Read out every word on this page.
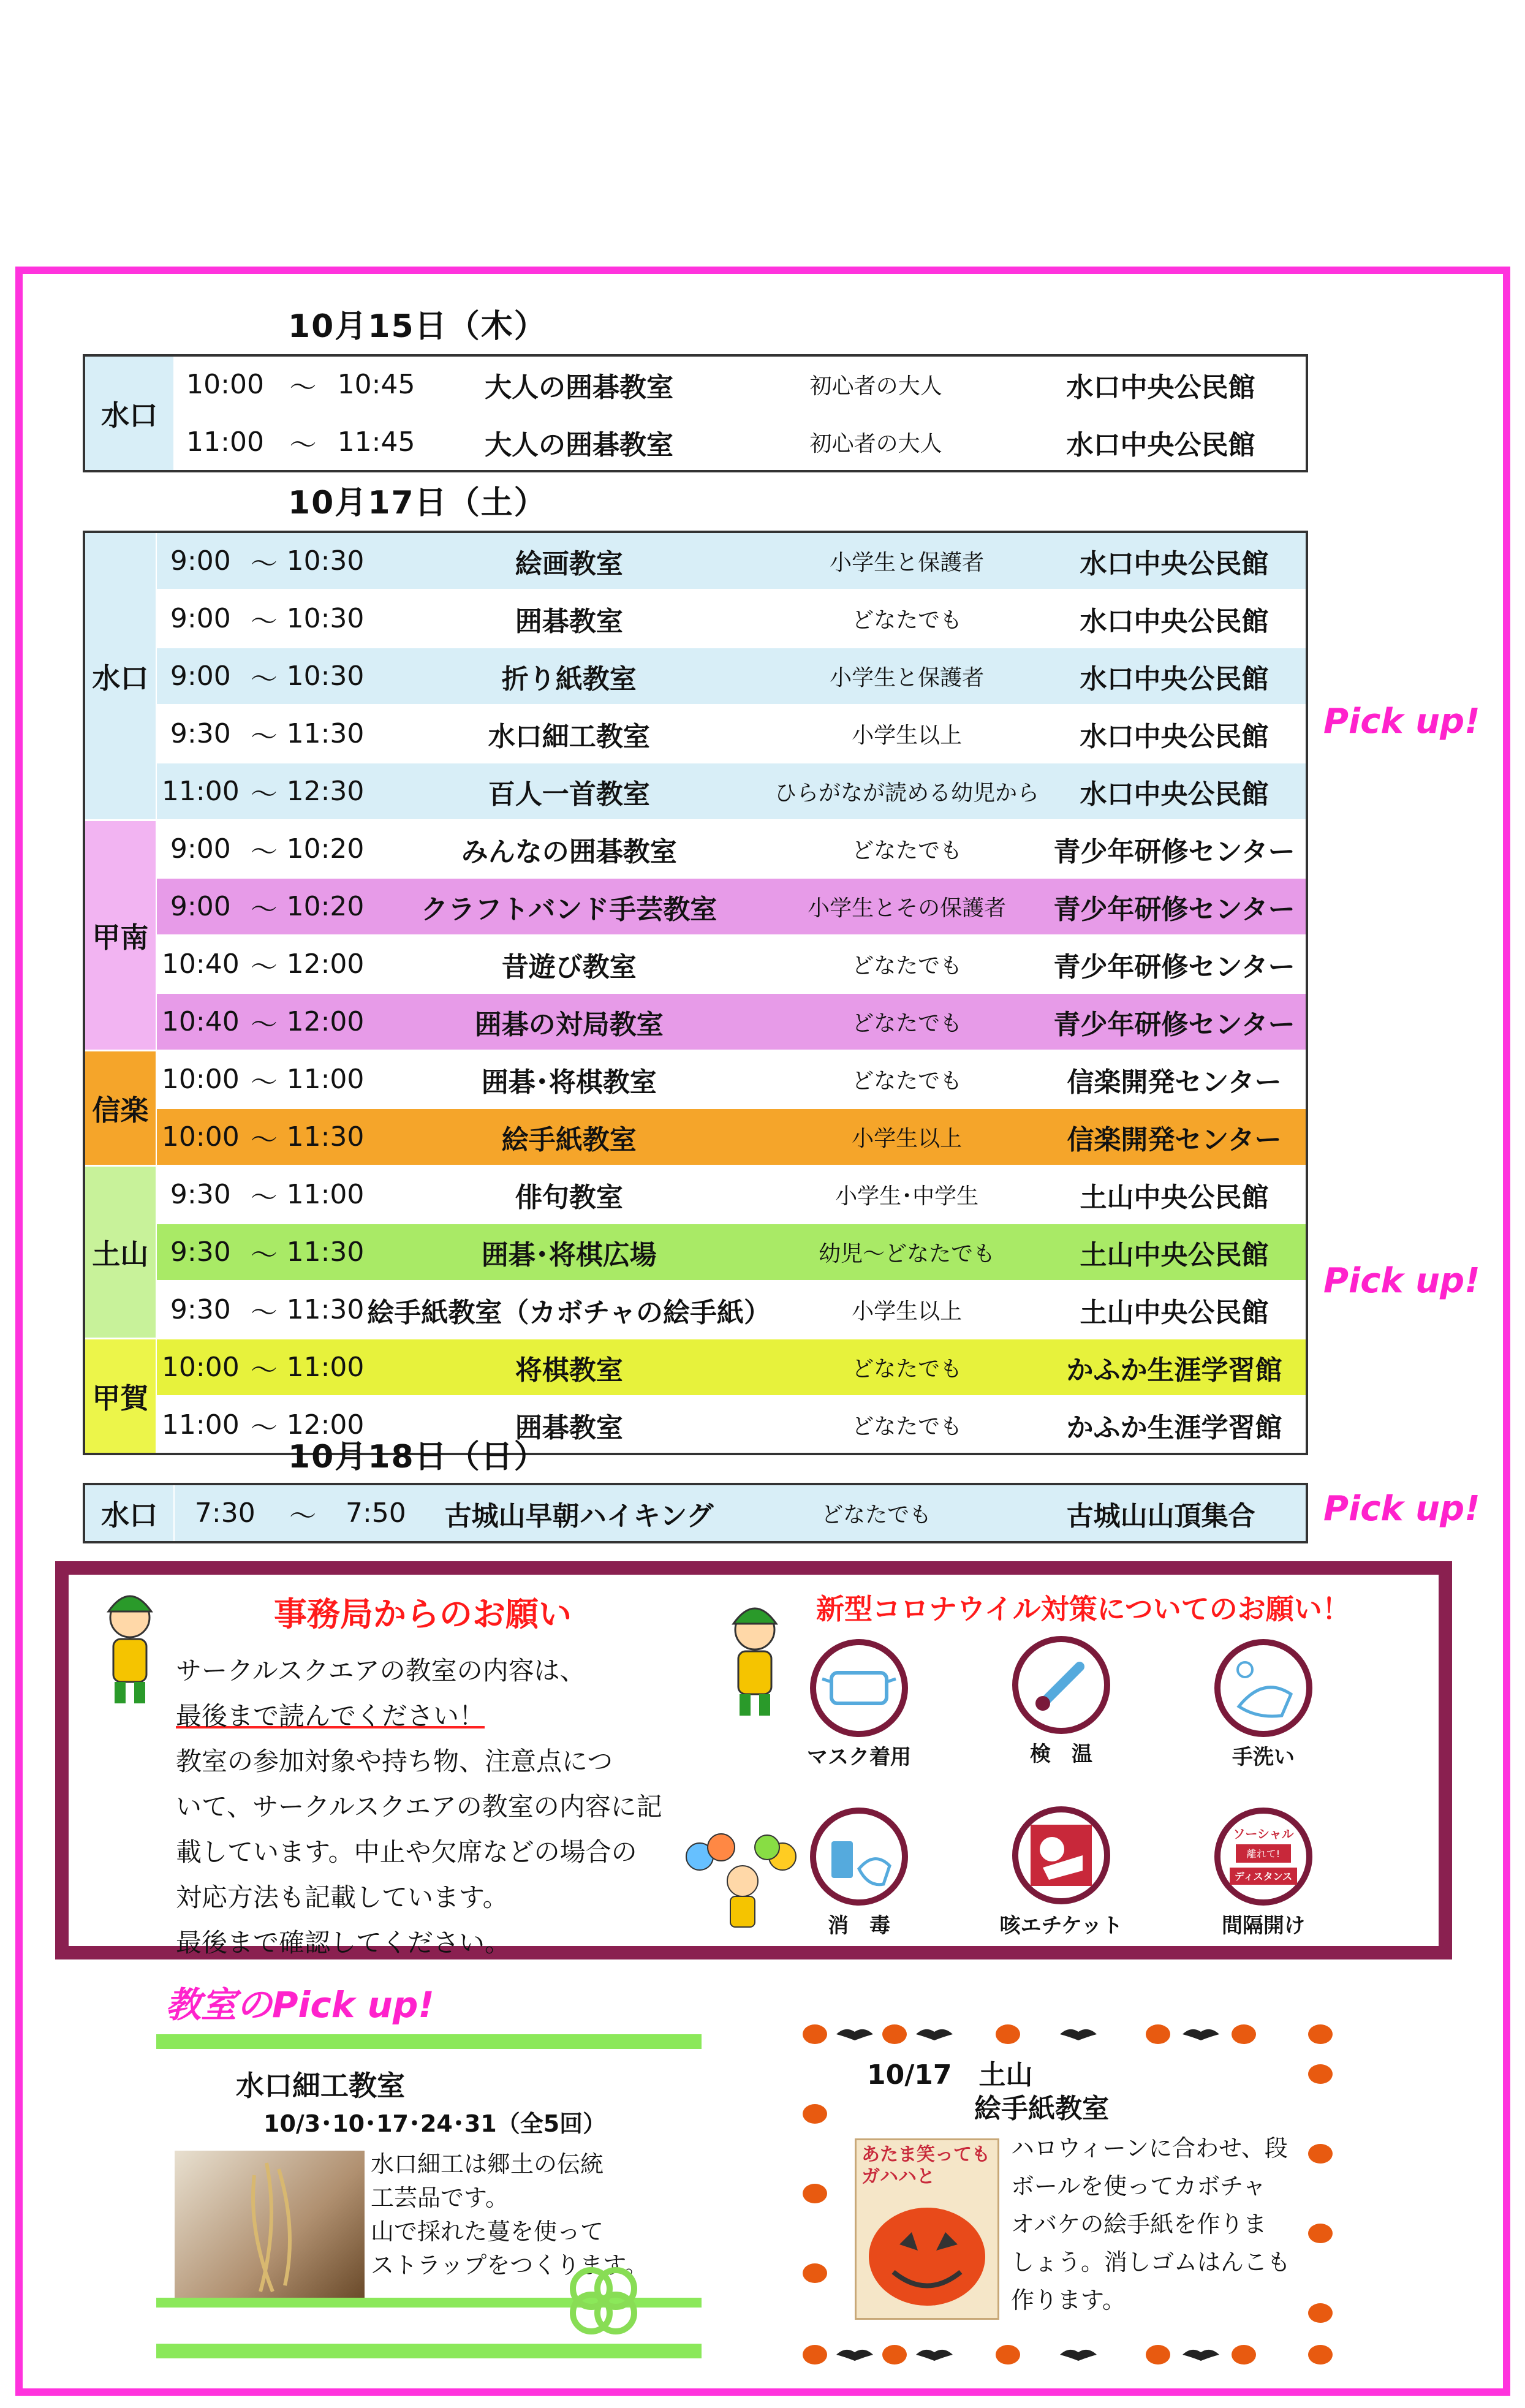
10月15日（木）
水口	10:00	～	10:45	大人の囲碁教室	初心者の大人	水口中央公民館
	11:00	～	11:45	大人の囲碁教室	初心者の大人	水口中央公民館
10月17日（土）
水口	9:00	～	10:30	絵画教室	小学生と保護者	水口中央公民館
	9:00	～	10:30	囲碁教室	どなたでも	水口中央公民館
	9:00	～	10:30	折り紙教室	小学生と保護者	水口中央公民館
	9:30	～	11:30	水口細工教室	小学生以上	水口中央公民館
	11:00	～	12:30	百人一首教室	ひらがなが読める幼児から	水口中央公民館
甲南	9:00	～	10:20	みんなの囲碁教室	どなたでも	青少年研修センター
	9:00	～	10:20	クラフトバンド手芸教室	小学生とその保護者	青少年研修センター
	10:40	～	12:00	昔遊び教室	どなたでも	青少年研修センター
	10:40	～	12:00	囲碁の対局教室	どなたでも	青少年研修センター
信楽	10:00	～	11:00	囲碁･将棋教室	どなたでも	信楽開発センター
	10:00	～	11:30	絵手紙教室	小学生以上	信楽開発センター
土山	9:30	～	11:00	俳句教室	小学生･中学生	土山中央公民館
	9:30	～	11:30	囲碁･将棋広場	幼児～どなたでも	土山中央公民館
	9:30	～	11:30	絵手紙教室（カボチャの絵手紙）	小学生以上	土山中央公民館
甲賀	10:00	～	11:00	将棋教室	どなたでも	かふか生涯学習館
	11:00	～	12:00	囲碁教室	どなたでも	かふか生涯学習館
10月18日（日）
水口	7:30	～	7:50	古城山早朝ハイキング	どなたでも	古城山山頂集合
Pick up!
Pick up!
Pick up!
事務局からのお願い
サークルスクエアの教室の内容は、
最後まで読んでください！
教室の参加対象や持ち物、注意点につ
いて、サークルスクエアの教室の内容に記
載しています。中止や欠席などの場合の
対応方法も記載しています。
最後まで確認してください。
新型コロナウイル対策についてのお願い！
マスク着用	検　温	手洗い
消　毒	咳エチケット
ソーシャル
離れて!
ディスタンス
間隔開け
教室のPick up!
水口細工教室
10/3･10･17･24･31（全5回）
水口細工は郷土の伝統
工芸品です。
山で採れた蔓を使って
ストラップをつくります。
10/17　土山
絵手紙教室
あたま笑っても ガハハと
ハロウィーンに合わせ、段
ボールを使ってカボチャ
オバケの絵手紙を作りま
しょう。消しゴムはんこも
作ります。
